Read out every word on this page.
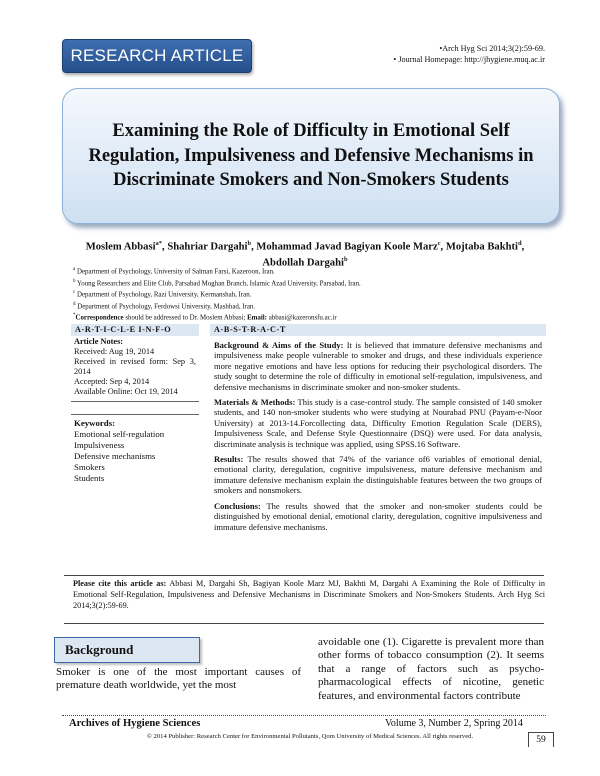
RESEARCH ARTICLE	•Arch Hyg Sci 2014;3(2):59-69.
• Journal Homepage: http://jhygiene.muq.ac.ir
Examining the Role of Difficulty in Emotional Self Regulation, Impulsiveness and Defensive Mechanisms in Discriminate Smokers and Non-Smokers Students
Moslem Abbasi$^{a*}$, Shahriar Dargahi$^b$, Mohammad Javad Bagiyan Koole Marz$^c$, Mojtaba Bakhti$^d$, Abdollah Dargahi$^b$
$^a$ Department of Psychology, University of Salman Farsi, Kazeroon, Iran.
$^b$ Young Researchers and Elite Club, Parsabad Moghan Branch, Islamic Azad University, Parsabad, Iran.
$^c$ Department of Psychology, Razi University, Kermanshah, Iran.
$^d$ Department of Psychology, Ferdowsi University, Mashhad, Iran.
*Correspondence should be addressed to Dr. Moslem Abbasi; Email: abbasi@kazeronsfu.ac.ir
A-R-T-I-C-L-E I-N-F-O
Article Notes:
Received: Aug 19, 2014
Received in revised form: Sep 3, 2014
Accepted: Sep 4, 2014
Available Online: Oct 19, 2014
Keywords:
Emotional self-regulation
Impulsiveness
Defensive mechanisms
Smokers
Students
A-B-S-T-R-A-C-T

Background & Aims of the Study: It is believed that immature defensive mechanisms and impulsiveness make people vulnerable to smoker and drugs, and these individuals experience more negative emotions and have less options for reducing their psychological disorders. The study sought to determine the role of difficulty in emotional self-regulation, impulsiveness, and defensive mechanisms in discriminate smoker and non-smoker students.

Materials & Methods: This study is a case-control study. The sample consisted of 140 smoker students, and 140 non-smoker students who were studying at Nourabad PNU (Payam-e-Noor University) at 2013-14.Forcollecting data, Difficulty Emotion Regulation Scale (DERS), Impulsiveness Scale, and Defense Style Questionnaire (DSQ) were used. For data analysis, discriminate analysis is technique was applied, using SPSS.16 Software.

Results: The results showed that 74% of the variance of6 variables of emotional denial, emotional clarity, deregulation, cognitive impulsiveness, mature defensive mechanism and immature defensive mechanism explain the distinguishable features between the two groups of smokers and nonsmokers.

Conclusions: The results showed that the smoker and non-smoker students could be distinguished by emotional denial, emotional clarity, deregulation, cognitive impulsiveness and immature defensive mechanisms.

Please cite this article as: Abbasi M, Dargahi Sh, Bagiyan Koole Marz MJ, Bakhti M, Dargahi A Examining the Role of Difficulty in Emotional Self-Regulation, Impulsiveness and Defensive Mechanisms in Discriminate Smokers and Non-Smokers Students. Arch Hyg Sci 2014;3(2):59-69.
Background
Smoker is one of the most important causes of premature death worldwide, yet the most
avoidable one (1). Cigarette is prevalent more than other forms of tobacco consumption (2). It seems that a range of factors such as psycho-pharmacological effects of nicotine, genetic features, and environmental factors contribute
Archives of Hygiene Sciences	Volume 3, Number 2, Spring 2014
© 2014 Publisher: Research Center for Environmental Pollutants, Qom University of Medical Sciences. All rights reserved.	59
